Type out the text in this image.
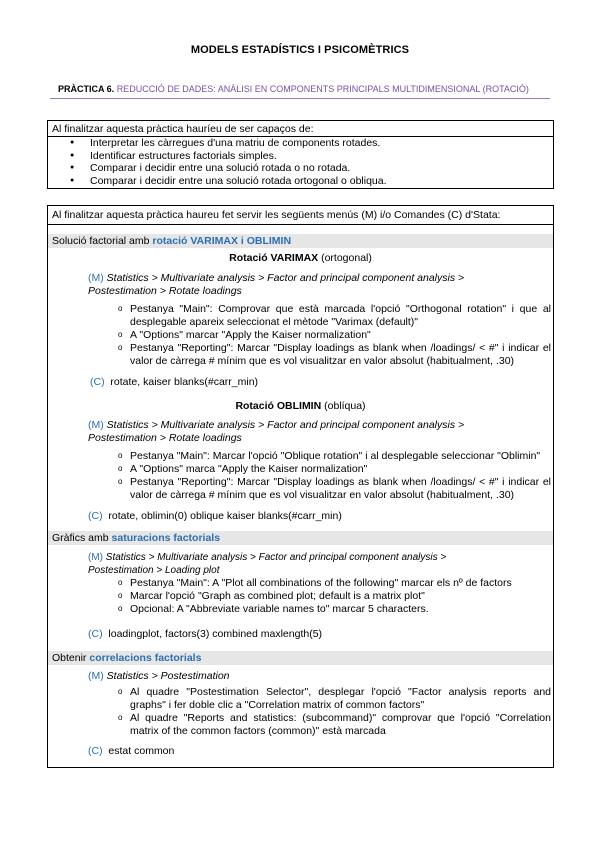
MODELS ESTADÍSTICS I PSICOMÈTRICS
PRÀCTICA 6. REDUCCIÓ DE DADES: ANÀLISI EN COMPONENTS PRINCIPALS MULTIDIMENSIONAL (ROTACIÓ)
Al finalitzar aquesta pràctica hauríeu de ser capaços de:
● Interpretar les càrregues d'una matriu de components rotades.
● Identificar estructures factorials simples.
● Comparar i decidir entre una solució rotada o no rotada.
● Comparar i decidir entre una solució rotada ortogonal o obliqua.
Al finalitzar aquesta pràctica haureu fet servir les següents menús (M) i/o Comandes (C) d'Stata:
Solució factorial amb rotació VARIMAX i OBLIMIN
Rotació VARIMAX (ortogonal)
(M) Statistics > Multivariate analysis > Factor and principal component analysis >
Postestimation > Rotate loadings
o Pestanya "Main": Comprovar que està marcada l'opció "Orthogonal rotation" i que al desplegable apareix seleccionat el mètode "Varimax (default)"
o A "Options" marcar "Apply the Kaiser normalization"
o Pestanya "Reporting": Marcar "Display loadings as blank when /loadings/ < #" i indicar el valor de càrrega # mínim que es vol visualitzar en valor absolut (habitualment, .30)
(C) rotate, kaiser blanks(#carr_min)
Rotació OBLIMIN (oblíqua)
(M) Statistics > Multivariate analysis > Factor and principal component analysis >
Postestimation > Rotate loadings
o Pestanya "Main": Marcar l'opció "Oblique rotation" i al desplegable seleccionar "Oblimin"
o A "Options" marca "Apply the Kaiser normalization"
o Pestanya "Reporting": Marcar "Display loadings as blank when /loadings/ < #" i indicar el valor de càrrega # mínim que es vol visualitzar en valor absolut (habitualment, .30)
(C) rotate, oblimin(0) oblique kaiser blanks(#carr_min)
Gràfics amb saturacions factorials
(M) Statistics > Multivariate analysis > Factor and principal component analysis >
Postestimation > Loading plot
o Pestanya "Main": A "Plot all combinations of the following" marcar els nº de factors
o Marcar l'opció "Graph as combined plot; default is a matrix plot"
o Opcional: A "Abbreviate variable names to" marcar 5 characters.
(C) loadingplot, factors(3) combined maxlength(5)
Obtenir correlacions factorials
(M) Statistics > Postestimation
o Al quadre "Postestimation Selector", desplegar l'opció "Factor analysis reports and graphs" i fer doble clic a "Correlation matrix of common factors"
o Al quadre "Reports and statistics: (subcommand)" comprovar que l'opció "Correlation matrix of the common factors (common)" està marcada
(C) estat common
